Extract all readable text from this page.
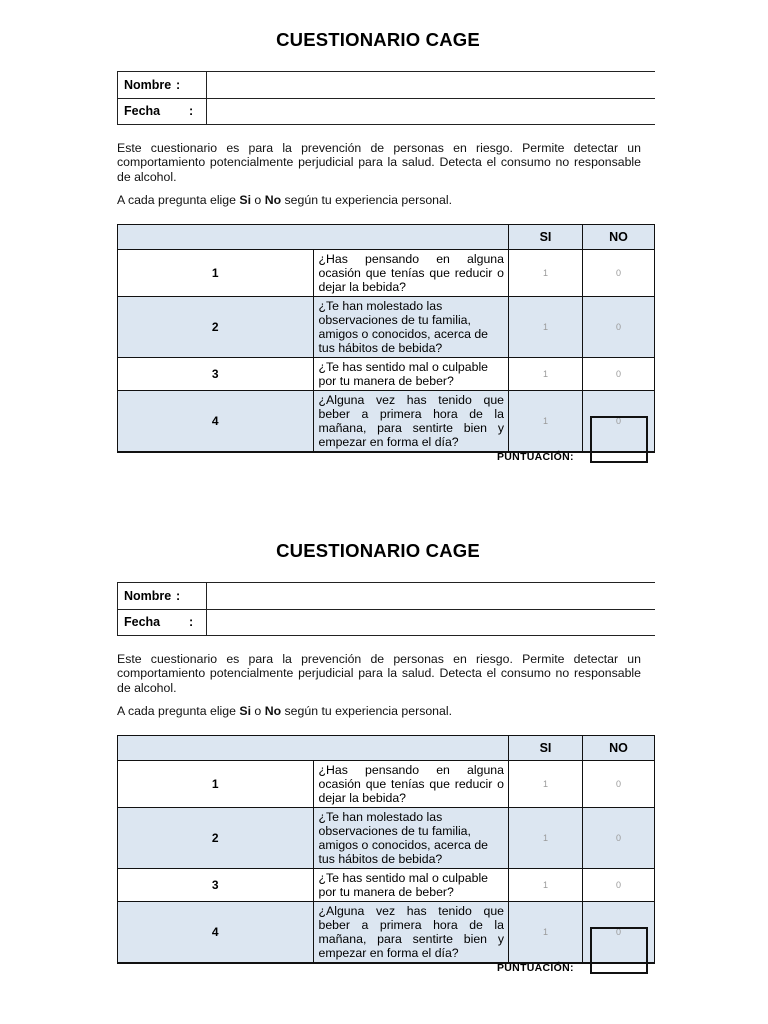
CUESTIONARIO CAGE
Nombre :
Fecha :
Este cuestionario es para la prevención de personas en riesgo. Permite detectar un comportamiento potencialmente perjudicial para la salud. Detecta el consumo no responsable de alcohol.
A cada pregunta elige Si o No según tu experiencia personal.
		SI	NO
1	¿Has pensando en alguna ocasión que tenías que reducir o dejar la bebida?	1	0
2	¿Te han molestado las observaciones de tu familia, amigos o conocidos, acerca de tus hábitos de bebida?	1	0
3	¿Te has sentido mal o culpable por tu manera de beber?	1	0
4	¿Alguna vez has tenido que beber a primera hora de la mañana, para sentirte bien y empezar en forma el día?	1	0
PUNTUACIÓN:
CUESTIONARIO CAGE
Nombre :
Fecha :
Este cuestionario es para la prevención de personas en riesgo. Permite detectar un comportamiento potencialmente perjudicial para la salud. Detecta el consumo no responsable de alcohol.
A cada pregunta elige Si o No según tu experiencia personal.
		SI	NO
1	¿Has pensando en alguna ocasión que tenías que reducir o dejar la bebida?	1	0
2	¿Te han molestado las observaciones de tu familia, amigos o conocidos, acerca de tus hábitos de bebida?	1	0
3	¿Te has sentido mal o culpable por tu manera de beber?	1	0
4	¿Alguna vez has tenido que beber a primera hora de la mañana, para sentirte bien y empezar en forma el día?	1	0
PUNTUACIÓN:
